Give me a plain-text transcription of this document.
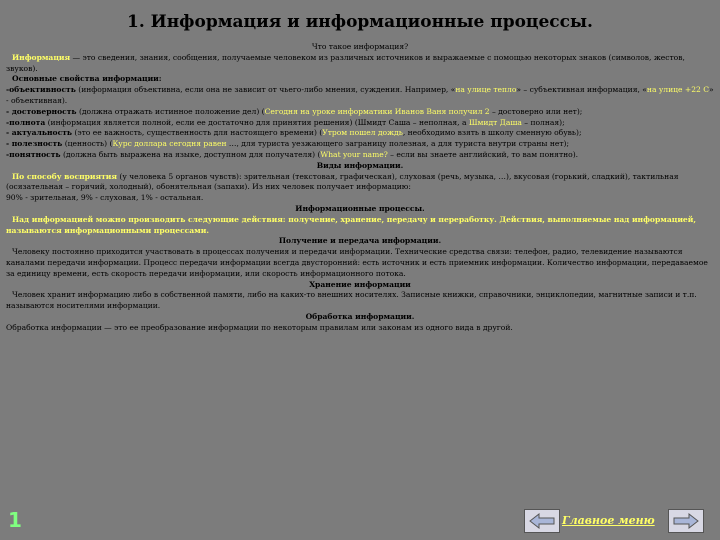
1. Информация и информационные процессы.

Что такое информация?

Информация — это сведения, знания, сообщения, получаемые человеком из различных источников и выражаемые с помощью некоторых знаков (символов, жестов, звуков).

Основные свойства информации:

-объективность (информация объективна, если она не зависит от чьего-либо мнения, суждения. Например, «на улице тепло» – субъективная информация, «на улице +22 С» - объективная).

- достоверность (должна отражать истинное положение дел) (Сегодня на уроке информатики Иванов Ваня получил 2 – достоверно или нет);

-полнота (информация является полной, если ее достаточно для принятия решения) (Шмидт Саша – неполная, а Шмидт Даша – полная);

- актуальность (это ее важность, существенность для настоящего времени) (Утром пошел дождь, необходимо взять в школу сменную обувь);

- полезность (ценность) (Курс доллара сегодня равен …, для туриста уезжающего заграницу полезная, а для туриста внутри страны нет);

-понятность (должна быть выражена на языке, доступном для получателя) (What your name? – если вы знаете английский, то вам понятно).

Виды информации.

По способу восприятия (у человека 5 органов чувств): зрительная (текстовая, графическая), слуховая (речь, музыка, …), вкусовая (горький, сладкий), тактильная (осязательная – горячий, холодный), обонятельная (запахи). Из них человек получает информацию:

90% - зрительная, 9% - слуховая, 1% - остальная.

Информационные процессы.

Над информацией можно производить следующие действия: получение, хранение, передачу и переработку. Действия, выполняемые над информацией, называются информационными процессами.

Получение и передача информации.

Человеку постоянно приходится участвовать в процессах получения и передачи информации. Технические средства связи: телефон, радио, телевидение называются каналами передачи информации. Процесс передачи информации всегда двусторонний: есть источник и есть приемник информации. Количество информации, передаваемое за единицу времени, есть скорость передачи информации, или скорость информационного потока.

Хранение информации

Человек хранит информацию либо в собственной памяти, либо на каких-то внешних носителях. Записные книжки, справочники, энциклопедии, магнитные записи и т.п. называются носителями информации.

Обработка информации.

Обработка информации — это ее преобразование информации по некоторым правилам или законам из одного вида в другой.

1	Главное меню
